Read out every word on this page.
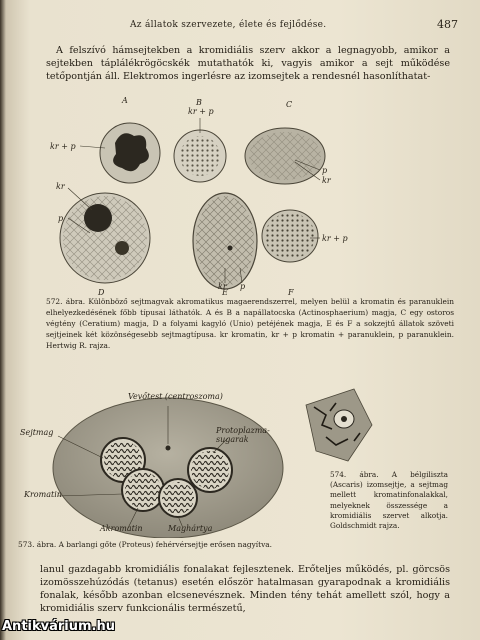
Az állatok szervezete, élete és fejlődése.	487
A felszívó hámsejtekben a kromidiális szerv akkor a legnagyobb, amikor a sejtekben táplálékrögöcskék mutathatók ki, vagyis amikor a sejt működése tetőpontján áll. Elektromos ingerlésre az izomsejtek a rendesnél hasonlíthatat-
A	B
kr + p
C
kr + p
p
kr
kr
p
kr + p
kr p
D	E	F
572. ábra. Különböző sejtmagvak akromatikus magaerendszerrel, melyen belül a kromatin és paranuklein elhelyezkedésének főbb típusai láthatók. A és B a napállatocska (Actinosphaerium) magja, C egy ostoros végtény (Ceratium) magja, D a folyami kagyló (Unio) petéjének magja, E és F a sokzejtű állatok szöveti sejtjeinek két közönségesebb sejtmagtípusa. kr kromatin, kr + p kromatin + paranuklein, p paranuklein. Hertwig R. rajza.
Vevőtest (centroszoma)
Protoplazma-sugarak
Sejtmag
Kromatin
Akromatin	Maghártya
573. ábra. A barlangi gőte (Proteus) fehérvérsejtje erősen nagyítva.
574. ábra. A bélgiliszta (Ascaris) izomsejtje, a sejtmag mellett kromatinfonalakkal, melyeknek összessége a kromidiális szervet alkotja. Goldschmidt rajza.
lanul gazdagabb kromidiális fonalakat fejlesztenek. Erőteljes működés, pl. görcsös izomösszehúzódás (tetanus) esetén először hatalmasan gyarapodnak a kromidiális fonalak, később azonban elcsenevésznek. Minden tény tehát amellett szól, hogy a kromidiális szerv funkcionális természetű,
Antikvárium.hu
